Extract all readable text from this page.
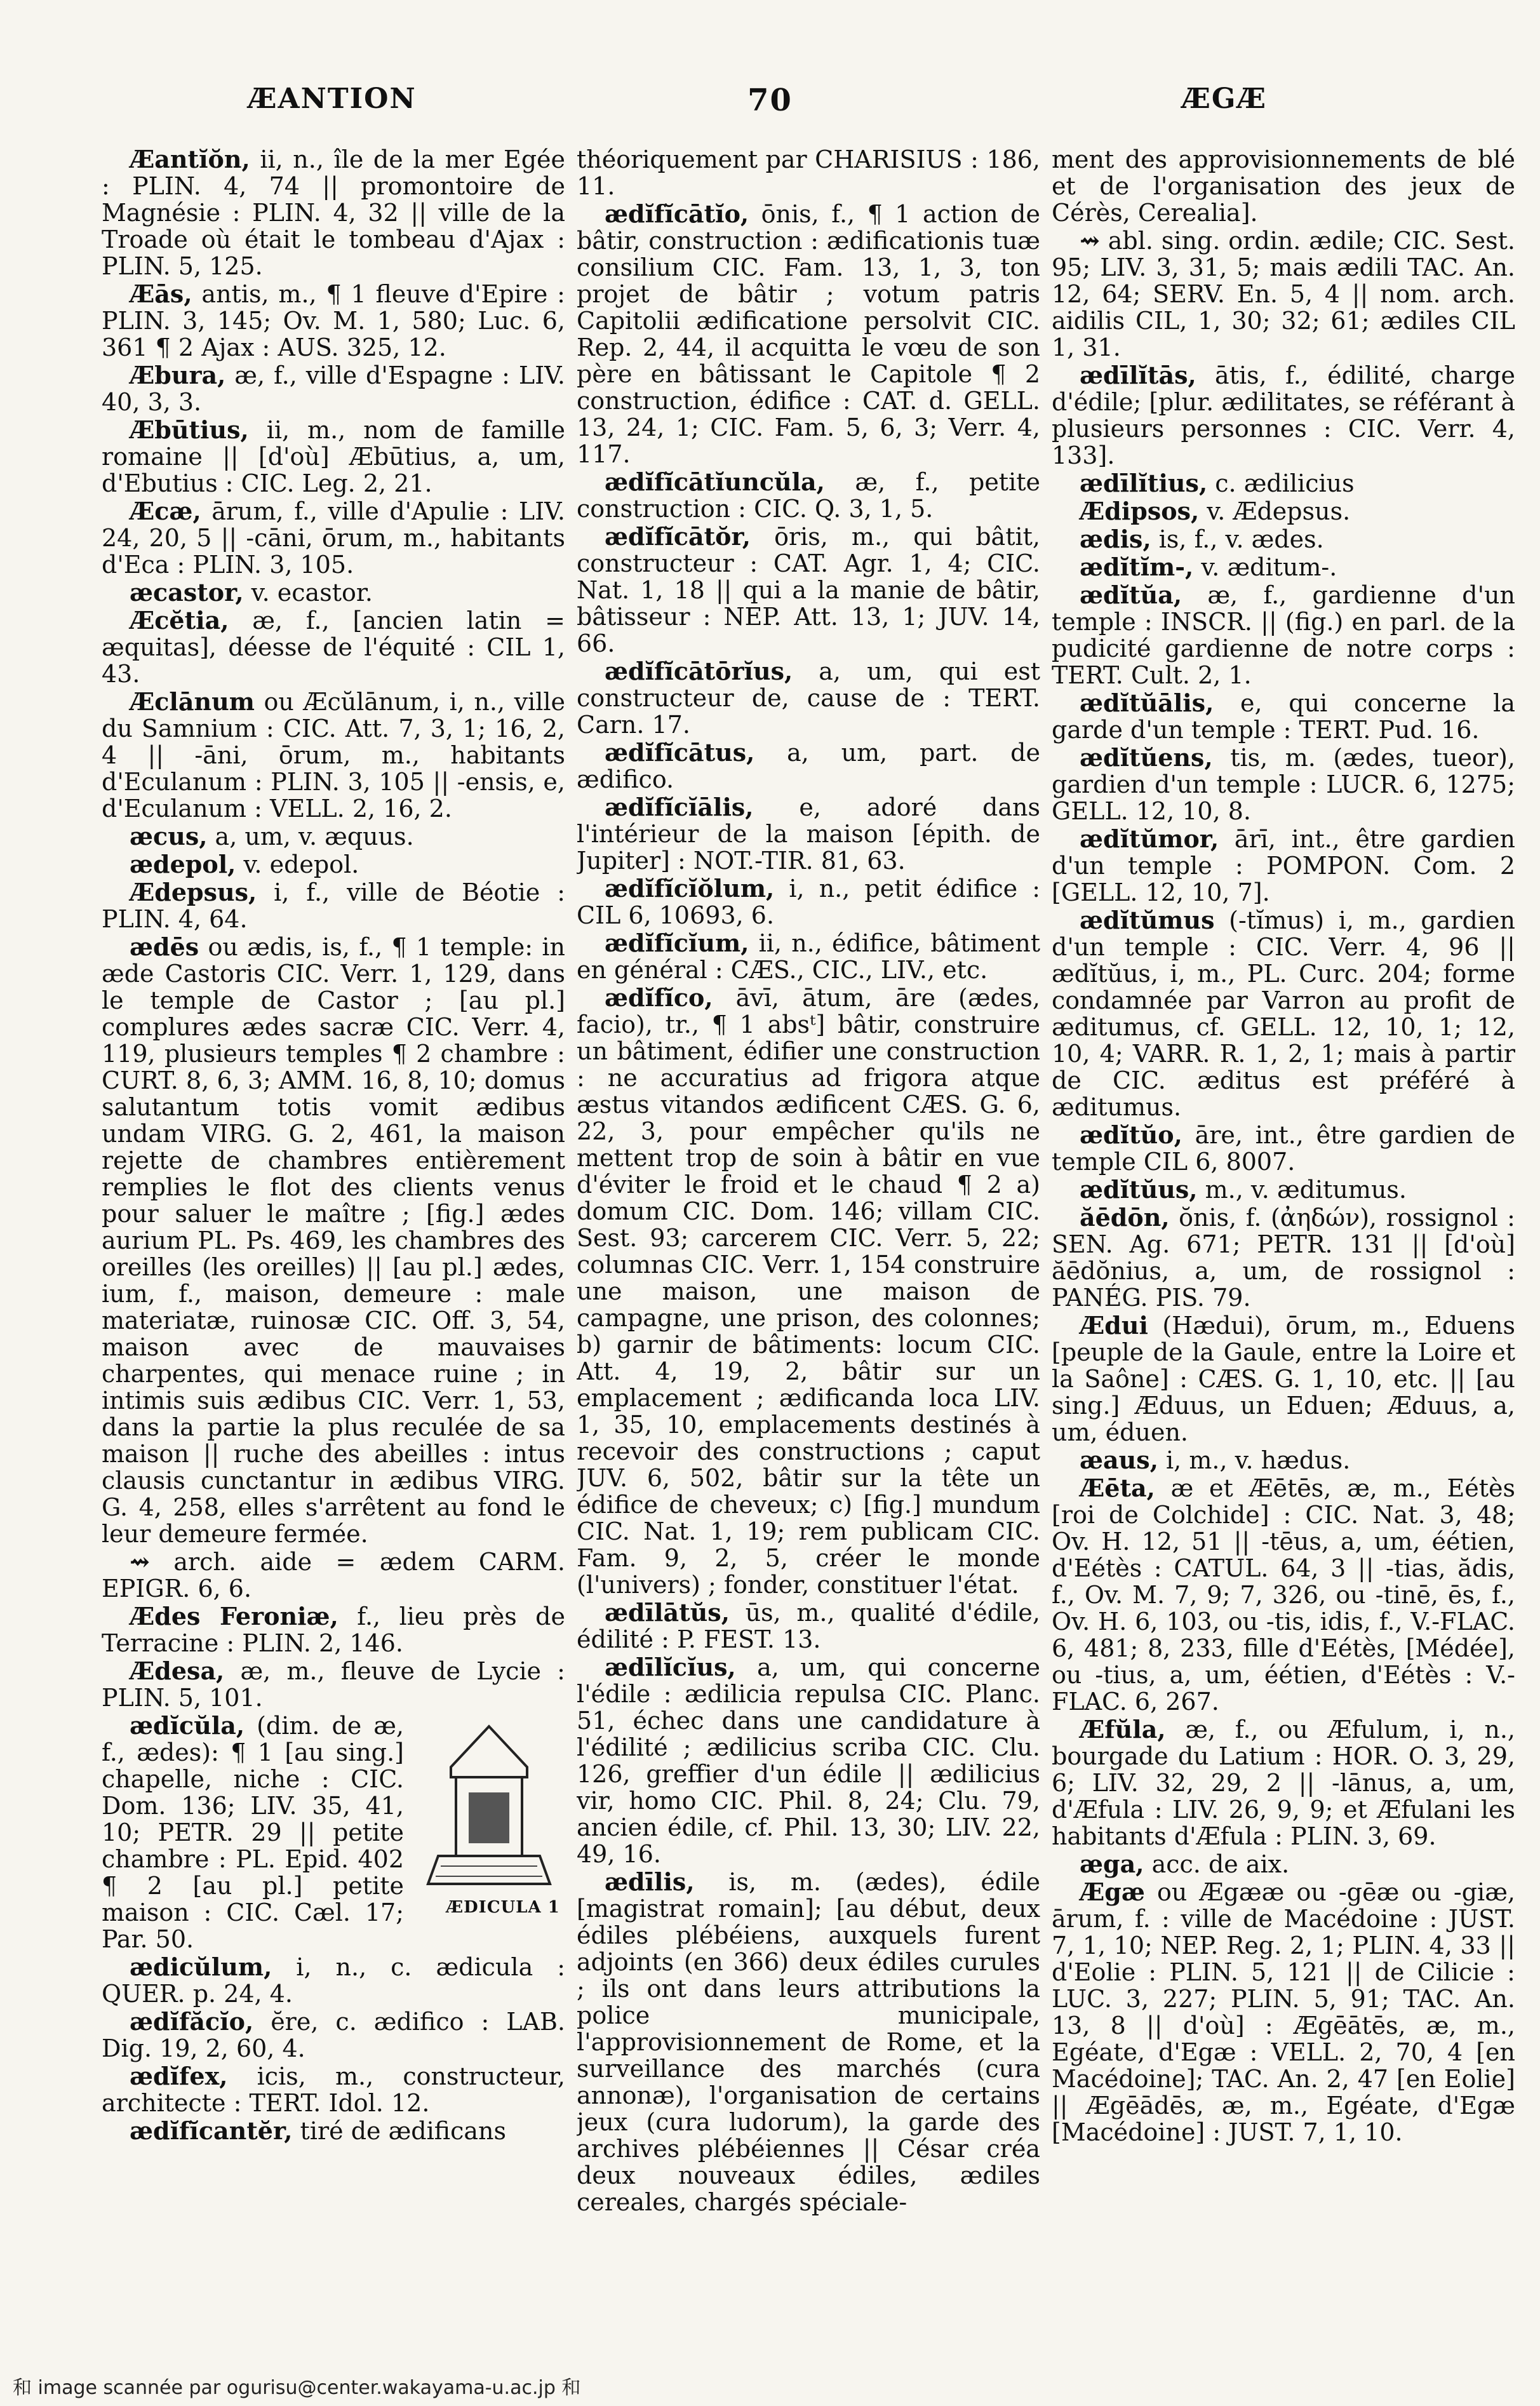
ÆANTION	70	ÆGÆ

Æantĭŏn, ii, n., île de la mer Egée : PLIN. 4, 74 || promontoire de Magnésie : PLIN. 4, 32 || ville de la Troade où était le tombeau d'Ajax : PLIN. 5, 125.

Æās, antis, m., ¶ 1 fleuve d'Epire : PLIN. 3, 145; Ov. M. 1, 580; Luc. 6, 361 ¶ 2 Ajax : AUS. 325, 12.

Æbura, æ, f., ville d'Espagne : LIV. 40, 3, 3.

Æbūtius, ii, m., nom de famille romaine || [d'où] Æbūtius, a, um, d'Ebutius : CIC. Leg. 2, 21.

Æcæ, ārum, f., ville d'Apulie : LIV. 24, 20, 5 || -cāni, ōrum, m., habitants d'Eca : PLIN. 3, 105.

æcastor, v. ecastor.

Æcĕtia, æ, f., [ancien latin = æquitas], déesse de l'équité : CIL 1, 43.

Æclānum ou Æcŭlānum, i, n., ville du Samnium : CIC. Att. 7, 3, 1; 16, 2, 4 || -āni, ōrum, m., habitants d'Eculanum : PLIN. 3, 105 || -ensis, e, d'Eculanum : VELL. 2, 16, 2.

æcus, a, um, v. æquus.

ædepol, v. edepol.

Ædepsus, i, f., ville de Béotie : PLIN. 4, 64.

ædēs ou ædis, is, f., ¶ 1 temple: in æde Castoris CIC. Verr. 1, 129, dans le temple de Castor ; [au pl.] complures ædes sacræ CIC. Verr. 4, 119, plusieurs temples ¶ 2 chambre : CURT. 8, 6, 3; AMM. 16, 8, 10; domus salutantum totis vomit ædibus undam VIRG. G. 2, 461, la maison rejette de chambres entièrement remplies le flot des clients venus pour saluer le maître ; [fig.] ædes aurium PL. Ps. 469, les chambres des oreilles (les oreilles) || [au pl.] ædes, ium, f., maison, demeure : male materiatæ, ruinosæ CIC. Off. 3, 54, maison avec de mauvaises charpentes, qui menace ruine ; in intimis suis ædibus CIC. Verr. 1, 53, dans la partie la plus reculée de sa maison || ruche des abeilles : intus clausis cunctantur in ædibus VIRG. G. 4, 258, elles s'arrêtent au fond le leur demeure fermée.

⇝ arch. aide = ædem CARM. EPIGR. 6, 6.

Ædes Feroniæ, f., lieu près de Terracine : PLIN. 2, 146.

Ædesa, æ, m., fleuve de Lycie : PLIN. 5, 101.

ÆDICULA 1
ædĭcŭla, (dim. de æ, f., ædes): ¶ 1 [au sing.] chapelle, niche : CIC. Dom. 136; LIV. 35, 41, 10; PETR. 29 || petite chambre : PL. Epid. 402 ¶ 2 [au pl.] petite maison : CIC. Cæl. 17; Par. 50.

ædicŭlum, i, n., c. ædicula : QUER. p. 24, 4.

ædĭfăcĭo, ĕre, c. ædifico : LAB. Dig. 19, 2, 60, 4.

ædĭfex, icis, m., constructeur, architecte : TERT. Idol. 12.

ædĭfĭcantĕr, tiré de ædificans

théoriquement par CHARISIUS : 186, 11.

ædĭfĭcātĭo, ōnis, f., ¶ 1 action de bâtir, construction : ædificationis tuæ consilium CIC. Fam. 13, 1, 3, ton projet de bâtir ; votum patris Capitolii ædificatione persolvit CIC. Rep. 2, 44, il acquitta le vœu de son père en bâtissant le Capitole ¶ 2 construction, édifice : CAT. d. GELL. 13, 24, 1; CIC. Fam. 5, 6, 3; Verr. 4, 117.

ædĭfĭcātĭuncŭla, æ, f., petite construction : CIC. Q. 3, 1, 5.

ædĭfĭcātŏr, ōris, m., qui bâtit, constructeur : CAT. Agr. 1, 4; CIC. Nat. 1, 18 || qui a la manie de bâtir, bâtisseur : NEP. Att. 13, 1; JUV. 14, 66.

ædĭfĭcātōrĭus, a, um, qui est constructeur de, cause de : TERT. Carn. 17.

ædĭfĭcātus, a, um, part. de ædifico.

ædĭfĭcĭālis, e, adoré dans l'intérieur de la maison [épith. de Jupiter] : NOT.-TIR. 81, 63.

ædĭfĭcĭŏlum, i, n., petit édifice : CIL 6, 10693, 6.

ædĭfĭcĭum, ii, n., édifice, bâtiment en général : CÆS., CIC., LIV., etc.

ædĭfĭco, āvī, ātum, āre (ædes, facio), tr., ¶ 1 absᵗ] bâtir, construire un bâtiment, édifier une construction : ne accuratius ad frigora atque æstus vitandos ædificent CÆS. G. 6, 22, 3, pour empêcher qu'ils ne mettent trop de soin à bâtir en vue d'éviter le froid et le chaud ¶ 2 a) domum CIC. Dom. 146; villam CIC. Sest. 93; carcerem CIC. Verr. 5, 22; columnas CIC. Verr. 1, 154 construire une maison, une maison de campagne, une prison, des colonnes; b) garnir de bâtiments: locum CIC. Att. 4, 19, 2, bâtir sur un emplacement ; ædificanda loca LIV. 1, 35, 10, emplacements destinés à recevoir des constructions ; caput JUV. 6, 502, bâtir sur la tête un édifice de cheveux; c) [fig.] mundum CIC. Nat. 1, 19; rem publicam CIC. Fam. 9, 2, 5, créer le monde (l'univers) ; fonder, constituer l'état.

ædīlātŭs, ūs, m., qualité d'édile, édilité : P. FEST. 13.

ædīlĭcĭus, a, um, qui concerne l'édile : ædilicia repulsa CIC. Planc. 51, échec dans une candidature à l'édilité ; ædilicius scriba CIC. Clu. 126, greffier d'un édile || ædilicius vir, homo CIC. Phil. 8, 24; Clu. 79, ancien édile, cf. Phil. 13, 30; LIV. 22, 49, 16.

ædīlis, is, m. (ædes), édile [magistrat romain]; [au début, deux édiles plébéiens, auxquels furent adjoints (en 366) deux édiles curules ; ils ont dans leurs attributions la police municipale, l'approvisionnement de Rome, et la surveillance des marchés (cura annonæ), l'organisation de certains jeux (cura ludorum), la garde des archives plébéiennes || César créa deux nouveaux édiles, ædiles cereales, chargés spéciale-

ment des approvisionnements de blé et de l'organisation des jeux de Cérès, Cerealia].

⇝ abl. sing. ordin. ædile; CIC. Sest. 95; LIV. 3, 31, 5; mais ædili TAC. An. 12, 64; SERV. En. 5, 4 || nom. arch. aidilis CIL, 1, 30; 32; 61; ædiles CIL 1, 31.

ædīlĭtās, ātis, f., édilité, charge d'édile; [plur. ædilitates, se référant à plusieurs personnes : CIC. Verr. 4, 133].

ædīlĭtius, c. ædilicius

Ædipsos, v. Ædepsus.

ædis, is, f., v. ædes.

ædĭtĭm-, v. æditum-.

ædĭtŭa, æ, f., gardienne d'un temple : INSCR. || (fig.) en parl. de la pudicité gardienne de notre corps : TERT. Cult. 2, 1.

ædĭtŭālis, e, qui concerne la garde d'un temple : TERT. Pud. 16.

ædĭtŭens, tis, m. (ædes, tueor), gardien d'un temple : LUCR. 6, 1275; GELL. 12, 10, 8.

ædĭtŭmor, ārī, int., être gardien d'un temple : POMPON. Com. 2 [GELL. 12, 10, 7].

ædĭtŭmus (-tĭmus) i, m., gardien d'un temple : CIC. Verr. 4, 96 || ædĭtŭus, i, m., PL. Curc. 204; forme condamnée par Varron au profit de æditumus, cf. GELL. 12, 10, 1; 12, 10, 4; VARR. R. 1, 2, 1; mais à partir de CIC. æditus est préféré à æditumus.

ædĭtŭo, āre, int., être gardien de temple CIL 6, 8007.

ædĭtŭus, m., v. æditumus.

ăēdōn, ŏnis, f. (ἀηδών), rossignol : SEN. Ag. 671; PETR. 131 || [d'où] ăēdŏnius, a, um, de rossignol : PANÉG. PIS. 79.

Ædui (Hædui), ōrum, m., Eduens [peuple de la Gaule, entre la Loire et la Saône] : CÆS. G. 1, 10, etc. || [au sing.] Æduus, un Eduen; Æduus, a, um, éduen.

æaus, i, m., v. hædus.

Æēta, æ et Æētēs, æ, m., Eétès [roi de Colchide] : CIC. Nat. 3, 48; Ov. H. 12, 51 || -tēus, a, um, éétien, d'Eétès : CATUL. 64, 3 || -tias, ădis, f., Ov. M. 7, 9; 7, 326, ou -tinē, ēs, f., Ov. H. 6, 103, ou -tis, idis, f., V.-FLAC. 6, 481; 8, 233, fille d'Eétès, [Médée], ou -tius, a, um, éétien, d'Eétès : V.-FLAC. 6, 267.

Æfŭla, æ, f., ou Æfulum, i, n., bourgade du Latium : HOR. O. 3, 29, 6; LIV. 32, 29, 2 || -lānus, a, um, d'Æfula : LIV. 26, 9, 9; et Æfulani les habitants d'Æfula : PLIN. 3, 69.

æga, acc. de aix.

Ægæ ou Ægææ ou -gēæ ou -giæ, ārum, f. : ville de Macédoine : JUST. 7, 1, 10; NEP. Reg. 2, 1; PLIN. 4, 33 || d'Eolie : PLIN. 5, 121 || de Cilicie : LUC. 3, 227; PLIN. 5, 91; TAC. An. 13, 8 || d'où] : Ægēātēs, æ, m., Egéate, d'Egæ : VELL. 2, 70, 4 [en Macédoine]; TAC. An. 2, 47 [en Eolie] || Ægēādēs, æ, m., Egéate, d'Egæ [Macédoine] : JUST. 7, 1, 10.

和 image scannée par ogurisu@center.wakayama-u.ac.jp 和
